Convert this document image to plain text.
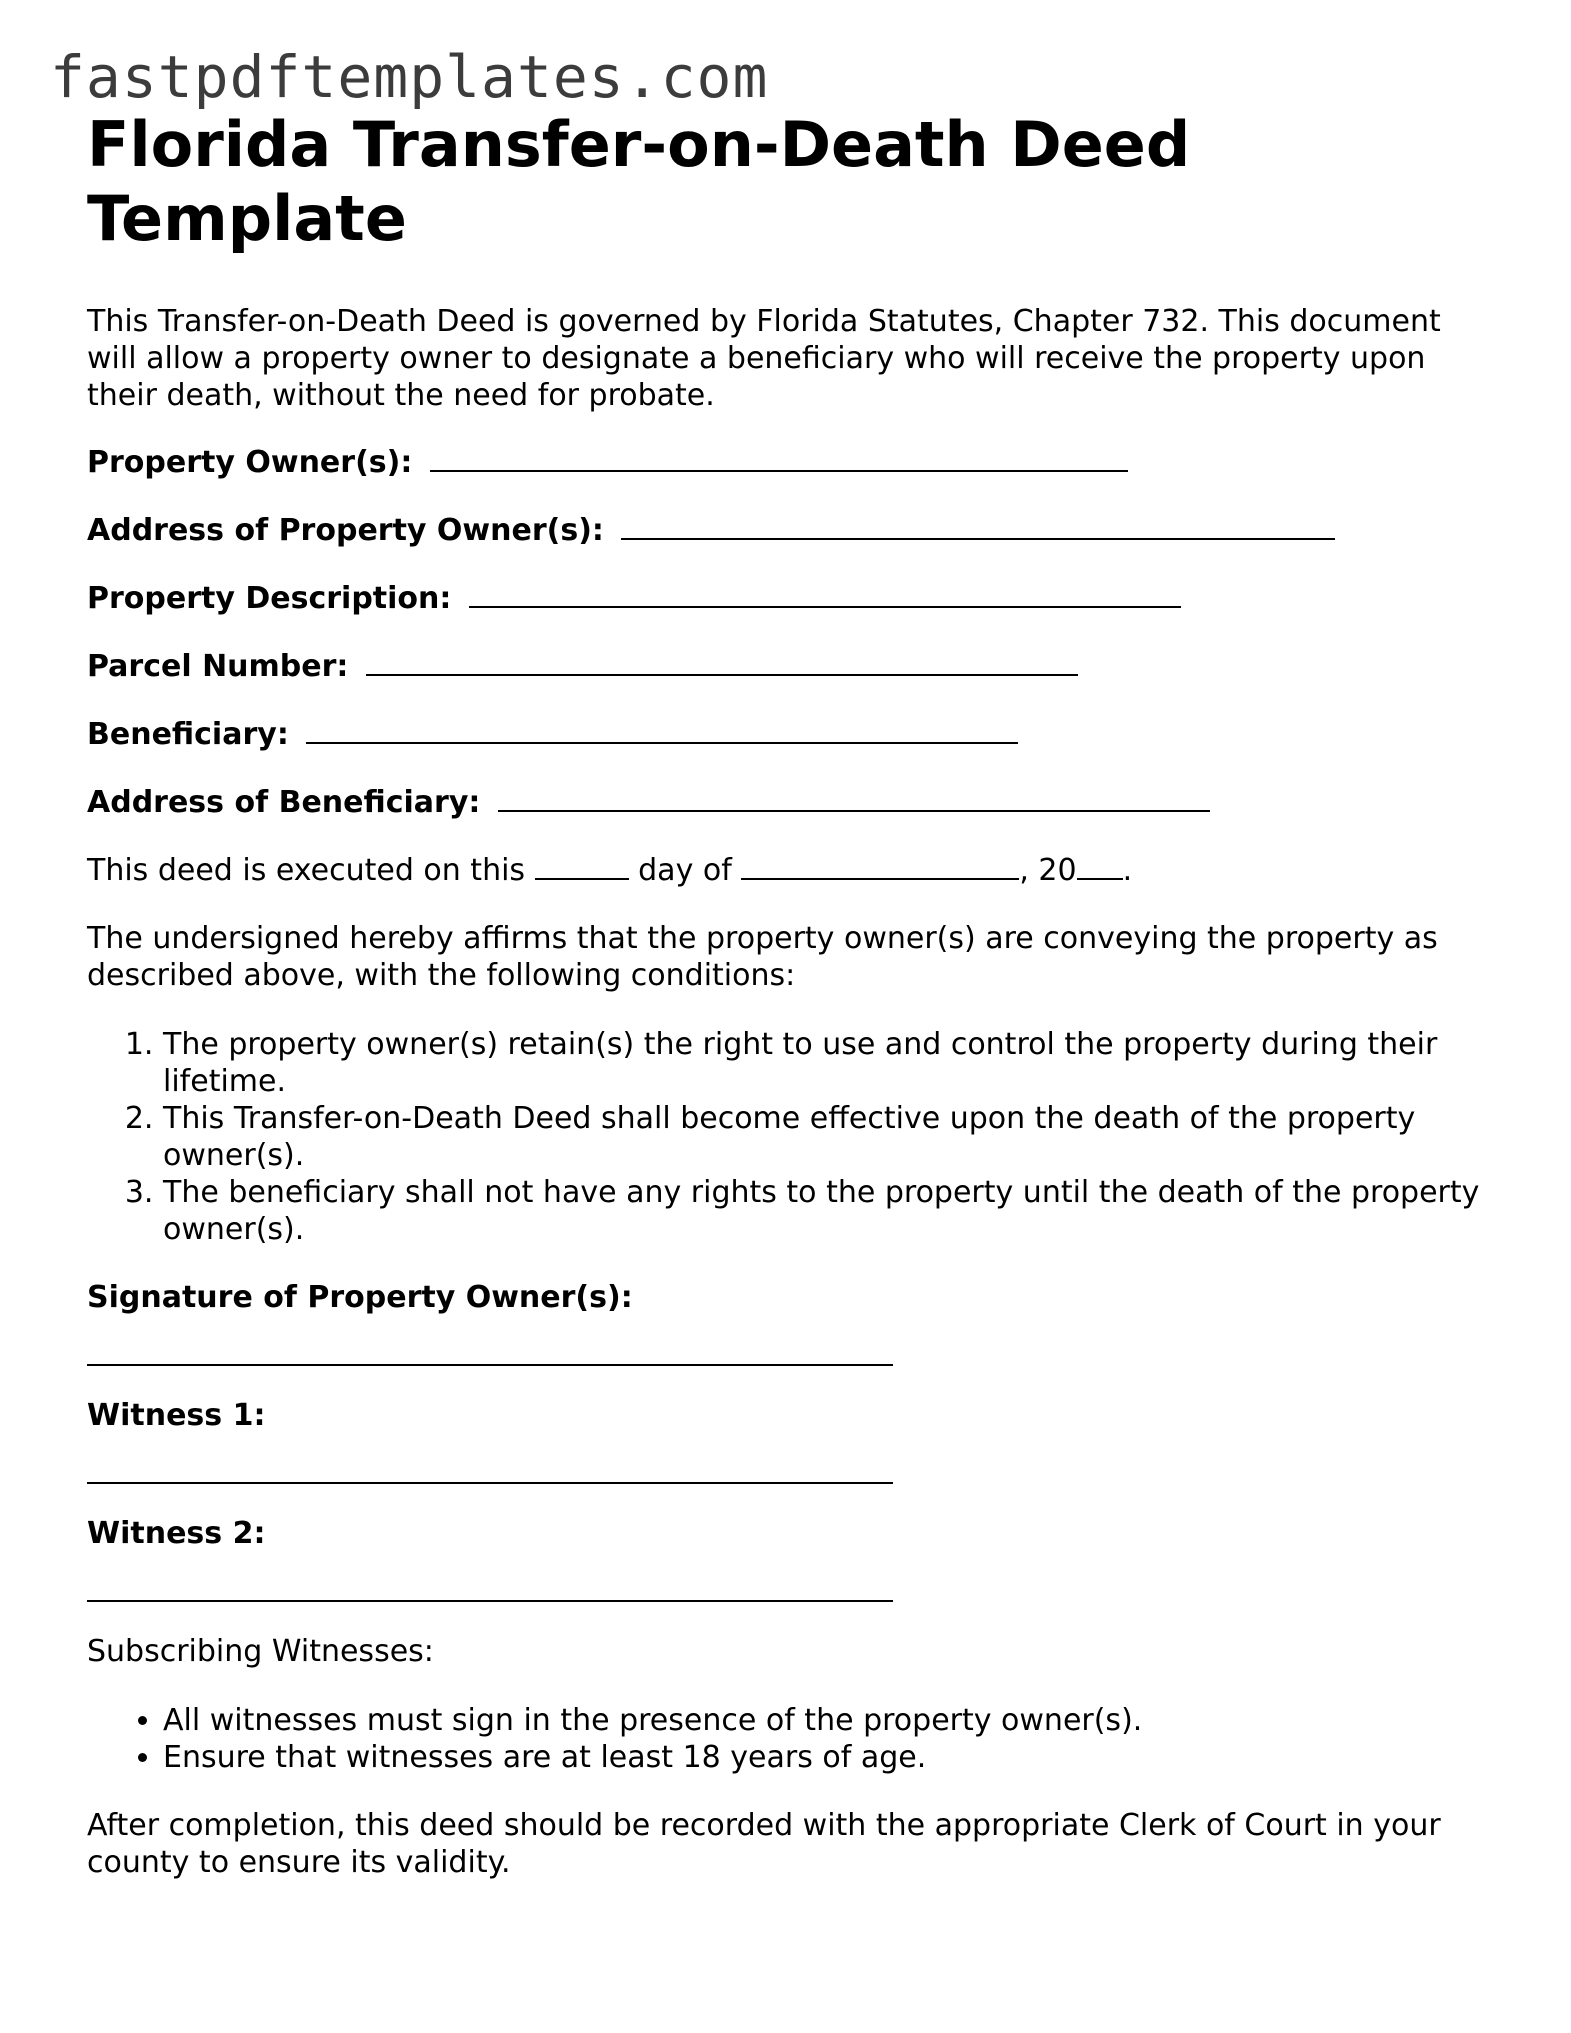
fastpdftemplates.com
Florida Transfer-on-Death Deed Template

This Transfer-on-Death Deed is governed by Florida Statutes, Chapter 732. This document will allow a property owner to designate a beneficiary who will receive the property upon their death, without the need for probate.

Property Owner(s):
Address of Property Owner(s):
Property Description:
Parcel Number:
Beneficiary:
Address of Beneficiary:

This deed is executed on this	day of	, 20 .

The undersigned hereby affirms that the property owner(s) are conveying the property as described above, with the following conditions:

1. The property owner(s) retain(s) the right to use and control the property during their lifetime.
2. This Transfer-on-Death Deed shall become effective upon the death of the property owner(s).
3. The beneficiary shall not have any rights to the property until the death of the property owner(s).

Signature of Property Owner(s):

Witness 1:

Witness 2:

Subscribing Witnesses:

• All witnesses must sign in the presence of the property owner(s).
• Ensure that witnesses are at least 18 years of age.

After completion, this deed should be recorded with the appropriate Clerk of Court in your county to ensure its validity.
